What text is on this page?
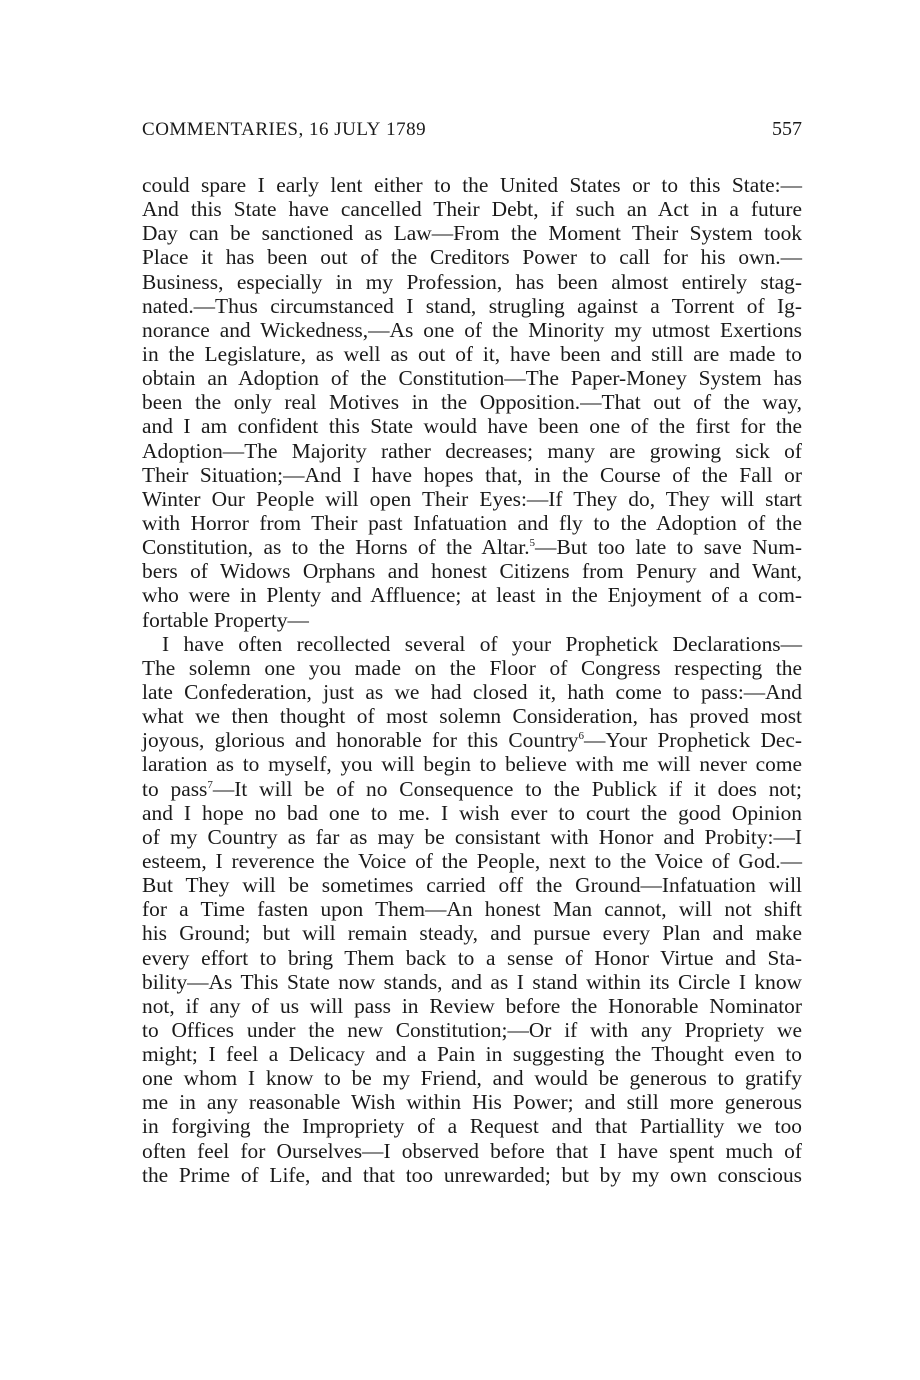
COMMENTARIES, 16 JULY 1789	557
could spare I early lent either to the United States or to this State:—
And this State have cancelled Their Debt, if such an Act in a future
Day can be sanctioned as Law—From the Moment Their System took
Place it has been out of the Creditors Power to call for his own.—
Business, especially in my Profession, has been almost entirely stag-
nated.—Thus circumstanced I stand, strugling against a Torrent of Ig-
norance and Wickedness,—As one of the Minority my utmost Exertions
in the Legislature, as well as out of it, have been and still are made to
obtain an Adoption of the Constitution—The Paper-Money System has
been the only real Motives in the Opposition.—That out of the way,
and I am confident this State would have been one of the first for the
Adoption—The Majority rather decreases; many are growing sick of
Their Situation;—And I have hopes that, in the Course of the Fall or
Winter Our People will open Their Eyes:—If They do, They will start
with Horror from Their past Infatuation and fly to the Adoption of the
Constitution, as to the Horns of the Altar.$^5$—But too late to save Num-
bers of Widows Orphans and honest Citizens from Penury and Want,
who were in Plenty and Affluence; at least in the Enjoyment of a com-
fortable Property—
I have often recollected several of your Prophetick Declarations—
The solemn one you made on the Floor of Congress respecting the
late Confederation, just as we had closed it, hath come to pass:—And
what we then thought of most solemn Consideration, has proved most
joyous, glorious and honorable for this Country$^6$—Your Prophetick Dec-
laration as to myself, you will begin to believe with me will never come
to pass$^7$—It will be of no Consequence to the Publick if it does not;
and I hope no bad one to me. I wish ever to court the good Opinion
of my Country as far as may be consistant with Honor and Probity:—I
esteem, I reverence the Voice of the People, next to the Voice of God.—
But They will be sometimes carried off the Ground—Infatuation will
for a Time fasten upon Them—An honest Man cannot, will not shift
his Ground; but will remain steady, and pursue every Plan and make
every effort to bring Them back to a sense of Honor Virtue and Sta-
bility—As This State now stands, and as I stand within its Circle I know
not, if any of us will pass in Review before the Honorable Nominator
to Offices under the new Constitution;—Or if with any Propriety we
might; I feel a Delicacy and a Pain in suggesting the Thought even to
one whom I know to be my Friend, and would be generous to gratify
me in any reasonable Wish within His Power; and still more generous
in forgiving the Impropriety of a Request and that Partiallity we too
often feel for Ourselves—I observed before that I have spent much of
the Prime of Life, and that too unrewarded; but by my own conscious
